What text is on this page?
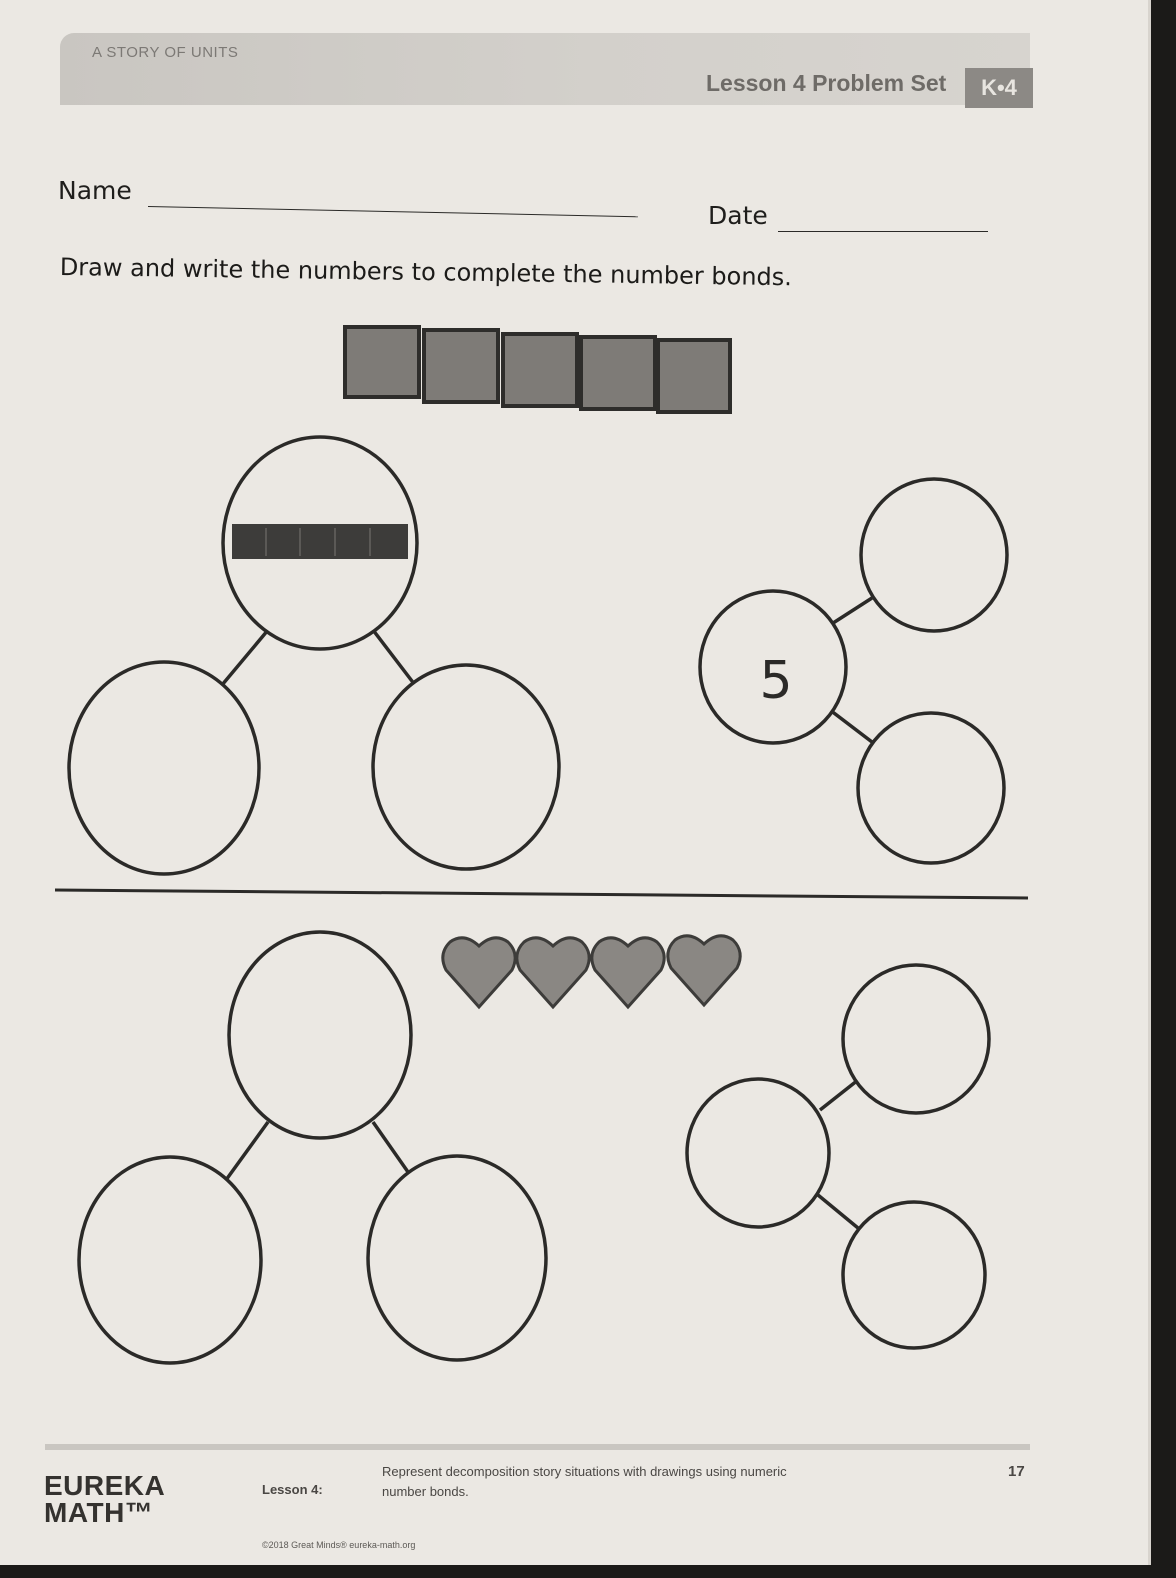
A STORY OF UNITS
Lesson 4 Problem Set	K•4
Name
Date
Draw and write the numbers to complete the number bonds.
5
EUREKA
MATH™
Lesson 4:
Represent decomposition story situations with drawings using numeric number bonds.
17
©2018 Great Minds® eureka-math.org
